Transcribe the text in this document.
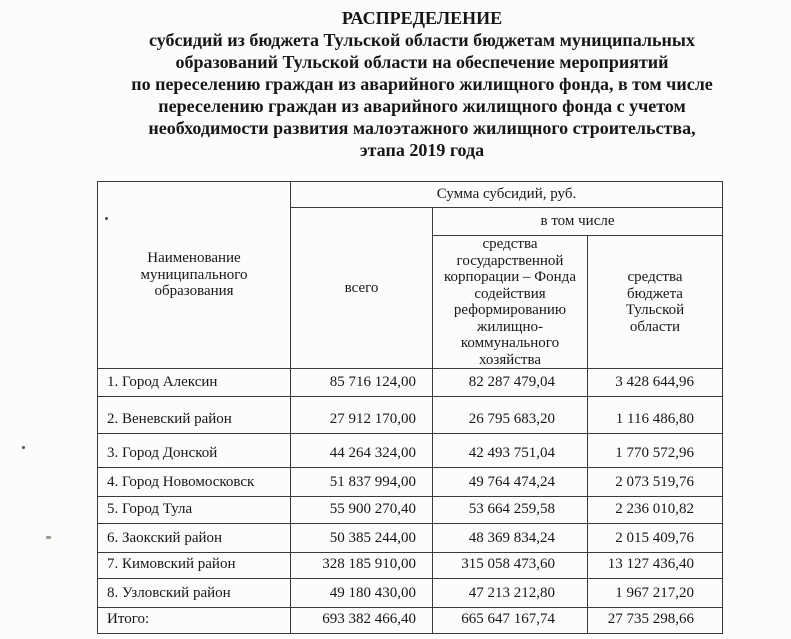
РАСПРЕДЕЛЕНИЕ
субсидий из бюджета Тульской области бюджетам муниципальных
образований Тульской области на обеспечение мероприятий
по переселению граждан из аварийного жилищного фонда, в том числе
переселению граждан из аварийного жилищного фонда с учетом
необходимости развития малоэтажного жилищного строительства,
этапа 2019 года
Наименование муниципального образования	Сумма субсидий, руб.		
	всего	в том числе	
		средства государственной корпорации – Фонда содействия реформированию жилищно-коммунального хозяйства	средства бюджета Тульской области

1. Город Алексин	85 716 124,00	82 287 479,04	3 428 644,96
2. Веневский район	27 912 170,00	26 795 683,20	1 116 486,80
3. Город Донской	44 264 324,00	42 493 751,04	1 770 572,96
4. Город Новомосковск	51 837 994,00	49 764 474,24	2 073 519,76
5. Город Тула	55 900 270,40	53 664 259,58	2 236 010,82
6. Заокский район	50 385 244,00	48 369 834,24	2 015 409,76
7. Кимовский район	328 185 910,00	315 058 473,60	13 127 436,40
8. Узловский район	49 180 430,00	47 213 212,80	1 967 217,20
Итого:	693 382 466,40	665 647 167,74	27 735 298,66
